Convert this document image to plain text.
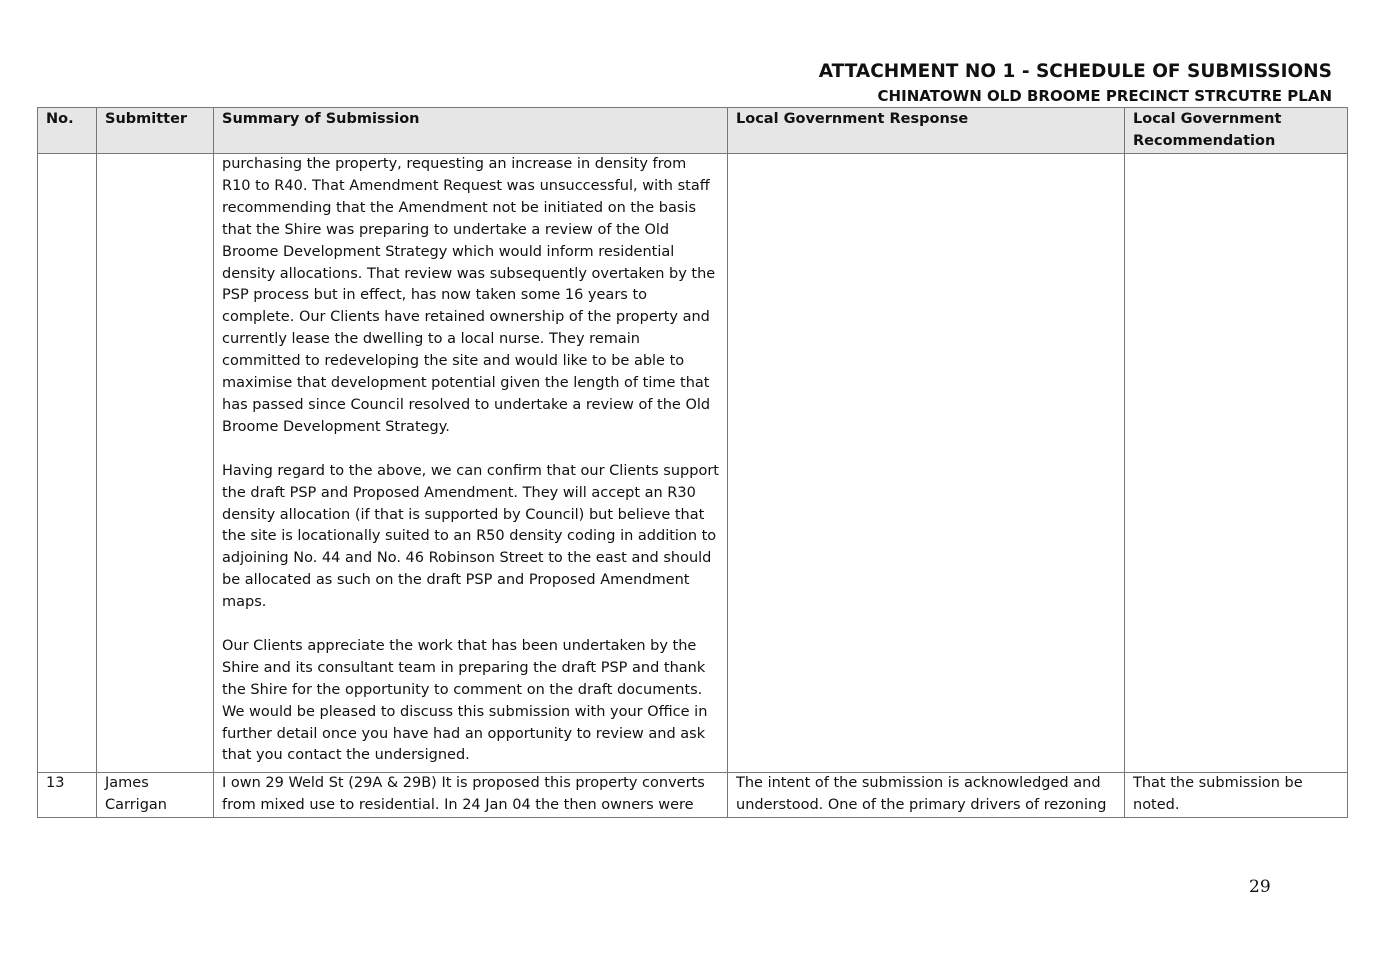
ATTACHMENT NO 1 - SCHEDULE OF SUBMISSIONS
CHINATOWN OLD BROOME PRECINCT STRCUTRE PLAN
No.	Submitter	Summary of Submission	Local Government Response	Local Government Recommendation
		purchasing the property, requesting an increase in density from R10 to R40. That Amendment Request was unsuccessful, with staff recommending that the Amendment not be initiated on the basis that the Shire was preparing to undertake a review of the Old Broome Development Strategy which would inform residential density allocations. That review was subsequently overtaken by the PSP process but in effect, has now taken some 16 years to complete. Our Clients have retained ownership of the property and currently lease the dwelling to a local nurse. They remain committed to redeveloping the site and would like to be able to maximise that development potential given the length of time that has passed since Council resolved to undertake a review of the Old Broome Development Strategy.

Having regard to the above, we can confirm that our Clients support the draft PSP and Proposed Amendment. They will accept an R30 density allocation (if that is supported by Council) but believe that the site is locationally suited to an R50 density coding in addition to adjoining No. 44 and No. 46 Robinson Street to the east and should be allocated as such on the draft PSP and Proposed Amendment maps.

Our Clients appreciate the work that has been undertaken by the Shire and its consultant team in preparing the draft PSP and thank the Shire for the opportunity to comment on the draft documents. We would be pleased to discuss this submission with your Office in further detail once you have had an opportunity to review and ask that you contact the undersigned.		
13	James Carrigan	I own 29 Weld St (29A & 29B) It is proposed this property converts from mixed use to residential. In 24 Jan 04 the then owners were	The intent of the submission is acknowledged and understood. One of the primary drivers of rezoning	That the submission be noted.
29
